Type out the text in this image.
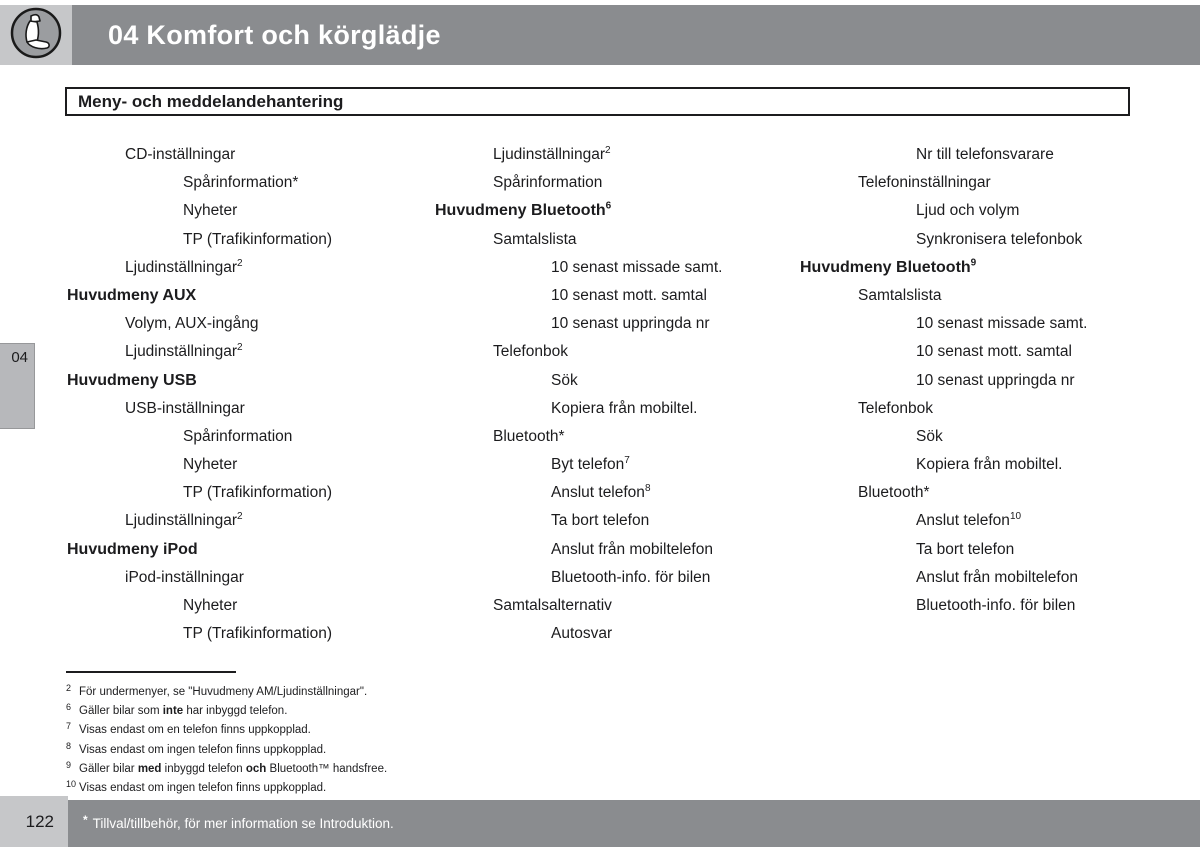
04 Komfort och körglädje
Meny- och meddelandehantering
04
CD-inställningar
Spårinformation*
Nyheter
TP (Trafikinformation)
Ljudinställningar$^2$
Huvudmeny AUX
Volym, AUX-ingång
Ljudinställningar$^2$
Huvudmeny USB
USB-inställningar
Spårinformation
Nyheter
TP (Trafikinformation)
Ljudinställningar$^2$
Huvudmeny iPod
iPod-inställningar
Nyheter
TP (Trafikinformation)
Ljudinställningar$^2$
Spårinformation
Huvudmeny Bluetooth$^6$
Samtalslista
10 senast missade samt.
10 senast mott. samtal
10 senast uppringda nr
Telefonbok
Sök
Kopiera från mobiltel.
Bluetooth*
Byt telefon$^7$
Anslut telefon$^8$
Ta bort telefon
Anslut från mobiltelefon
Bluetooth-info. för bilen
Samtalsalternativ
Autosvar
Nr till telefonsvarare
Telefoninställningar
Ljud och volym
Synkronisera telefonbok
Huvudmeny Bluetooth$^9$
Samtalslista
10 senast missade samt.
10 senast mott. samtal
10 senast uppringda nr
Telefonbok
Sök
Kopiera från mobiltel.
Bluetooth*
Anslut telefon$^{10}$
Ta bort telefon
Anslut från mobiltelefon
Bluetooth-info. för bilen
2 För undermenyer, se "Huvudmeny AM/Ljudinställningar".
6 Gäller bilar som inte har inbyggd telefon.
7 Visas endast om en telefon finns uppkopplad.
8 Visas endast om ingen telefon finns uppkopplad.
9 Gäller bilar med inbyggd telefon och Bluetooth™ handsfree.
10 Visas endast om ingen telefon finns uppkopplad.
122 * Tillval/tillbehör, för mer information se Introduktion.
